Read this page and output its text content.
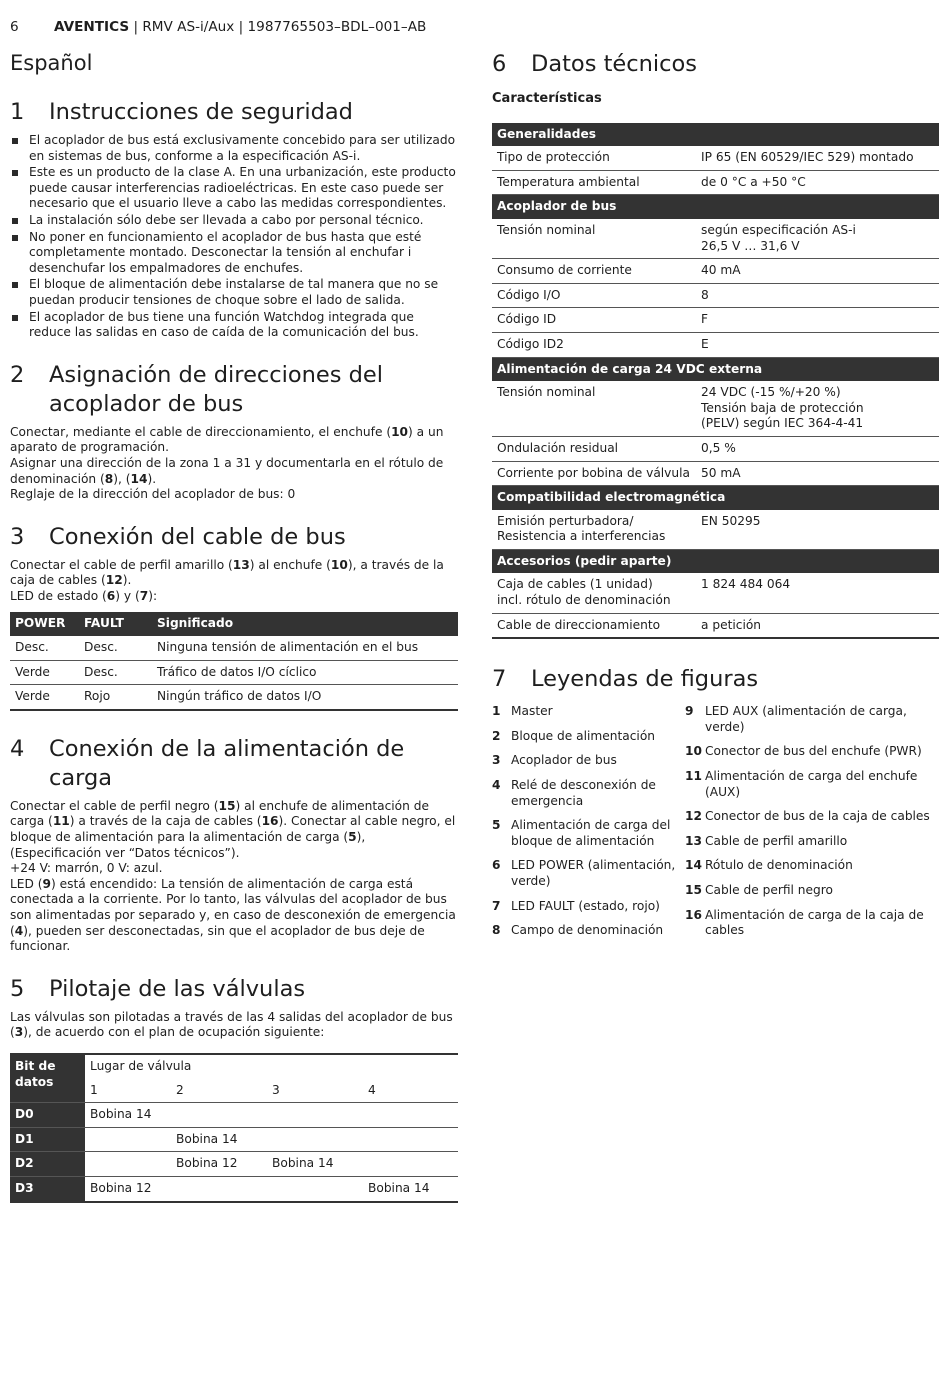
6	AVENTICS | RMV AS-i/Aux | 1987765503–BDL–001–AB
Español
1 Instrucciones de seguridad
El acoplador de bus está exclusivamente concebido para ser utilizado en sistemas de bus, conforme a la especificación AS-i.
Este es un producto de la clase A. En una urbanización, este producto puede causar interferencias radioeléctricas. En este caso puede ser necesario que el usuario lleve a cabo las medidas correspondientes.
La instalación sólo debe ser llevada a cabo por personal técnico.
No poner en funcionamiento el acoplador de bus hasta que esté completamente montado. Desconectar la tensión al enchufar i desenchufar los empalmadores de enchufes.
El bloque de alimentación debe instalarse de tal manera que no se puedan producir tensiones de choque sobre el lado de salida.
El acoplador de bus tiene una función Watchdog integrada que reduce las salidas en caso de caída de la comunicación del bus.
2 Asignación de direcciones del acoplador de bus

Conectar, mediante el cable de direccionamiento, el enchufe (10) a un aparato de programación.

Asignar una dirección de la zona 1 a 31 y documentarla en el rótulo de denominación (8), (14).

Reglaje de la dirección del acoplador de bus: 0

3 Conexión del cable de bus

Conectar el cable de perfil amarillo (13) al enchufe (10), a través de la caja de cables (12).

LED de estado (6) y (7):

POWER	FAULT	Significado
Desc.	Desc.	Ninguna tensión de alimentación en el bus
Verde	Desc.	Tráfico de datos I/O cíclico
Verde	Rojo	Ningún tráfico de datos I/O
4 Conexión de la alimentación de carga

Conectar el cable de perfil negro (15) al enchufe de alimentación de carga (11) a través de la caja de cables (16). Conectar al cable negro, el bloque de alimentación para la alimentación de carga (5), (Especificación ver “Datos técnicos”).

+24 V: marrón, 0 V: azul.

LED (9) está encendido: La tensión de alimentación de carga está conectada a la corriente. Por lo tanto, las válvulas del acoplador de bus son alimentadas por separado y, en caso de desconexión de emergencia (4), pueden ser desconectadas, sin que el acoplador de bus deje de funcionar.

5 Pilotaje de las válvulas

Las válvulas son pilotadas a través de las 4 salidas del acoplador de bus (3), de acuerdo con el plan de ocupación siguiente:

Bit de datos	Lugar de válvula			
	1	2	3	4
D0	Bobina 14			
D1		Bobina 14		
D2		Bobina 12	Bobina 14	
D3	Bobina 12			Bobina 14
6 Datos técnicos
Características
Generalidades	
Tipo de protección	IP 65 (EN 60529/IEC 529) montado
Temperatura ambiental	de 0 °C a +50 °C
Acoplador de bus	
Tensión nominal	según especificación AS-i
26,5 V … 31,6 V
Consumo de corriente	40 mA
Código I/O	8
Código ID	F
Código ID2	E
Alimentación de carga 24 VDC externa	
Tensión nominal	24 VDC (-15 %/+20 %)
Tensión baja de protección
(PELV) según IEC 364-4-41
Ondulación residual	0,5 %
Corriente por bobina de válvula	50 mA
Compatibilidad electromagnética	
Emisión perturbadora/
Resistencia a interferencias	EN 50295
Accesorios (pedir aparte)	
Caja de cables (1 unidad)
incl. rótulo de denominación	1 824 484 064
Cable de direccionamiento	a petición
7 Leyendas de figuras
1 Master
2 Bloque de alimentación
3 Acoplador de bus
4 Relé de desconexión de emergencia
5 Alimentación de carga del bloque de alimentación
6 LED POWER (alimentación, verde)
7 LED FAULT (estado, rojo)
8 Campo de denominación
9 LED AUX (alimentación de carga, verde)
10 Conector de bus del enchufe (PWR)
11 Alimentación de carga del enchufe (AUX)
12 Conector de bus de la caja de cables
13 Cable de perfil amarillo
14 Rótulo de denominación
15 Cable de perfil negro
16 Alimentación de carga de la caja de cables
